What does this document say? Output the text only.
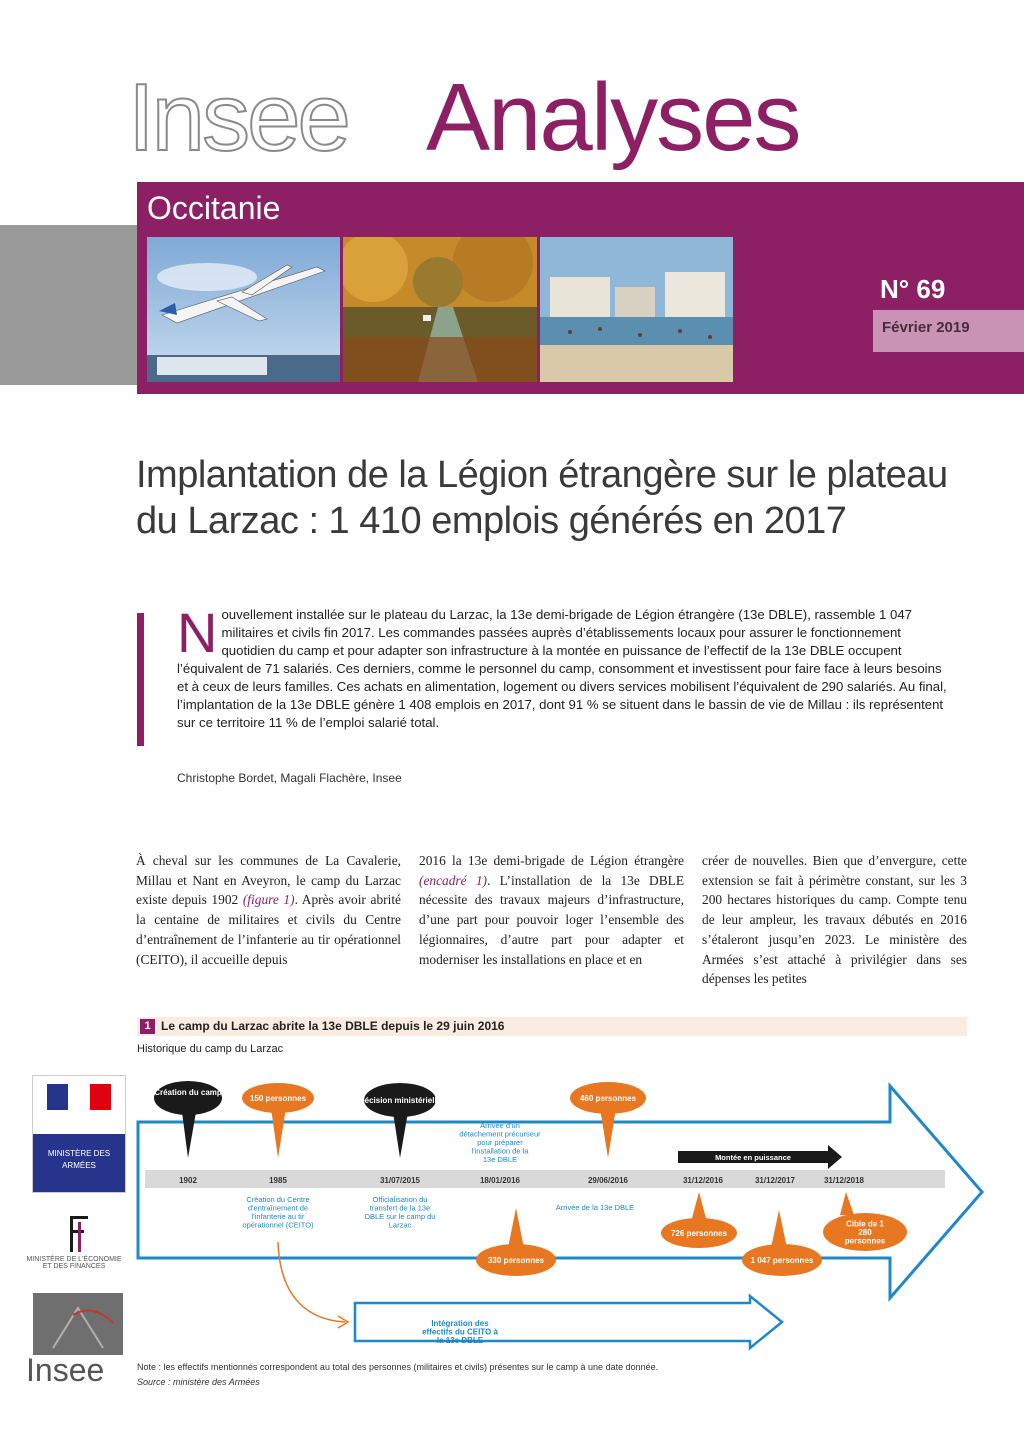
Insee Analyses
Occitanie
N° 69
Février 2019
Implantation de la Légion étrangère sur le plateau du Larzac : 1 410 emplois générés en 2017
Nouvellement installée sur le plateau du Larzac, la 13e demi-brigade de Légion étrangère (13e DBLE), rassemble 1 047 militaires et civils fin 2017. Les commandes passées auprès d’établissements locaux pour assurer le fonctionnement quotidien du camp et pour adapter son infrastructure à la montée en puissance de l’effectif de la 13e DBLE occupent l’équivalent de 71 salariés. Ces derniers, comme le personnel du camp, consomment et investissent pour faire face à leurs besoins et à ceux de leurs familles. Ces achats en alimentation, logement ou divers services mobilisent l’équivalent de 290 salariés. Au final, l’implantation de la 13e DBLE génère 1 408 emplois en 2017, dont 91 % se situent dans le bassin de vie de Millau : ils représentent sur ce territoire 11 % de l’emploi salarié total.
Christophe Bordet, Magali Flachère, Insee
À cheval sur les communes de La Cavalerie, Millau et Nant en Aveyron, le camp du Larzac existe depuis 1902 (figure 1). Après avoir abrité la centaine de militaires et civils du Centre d’entraînement de l’infanterie au tir opérationnel (CEITO), il accueille depuis
2016 la 13e demi-brigade de Légion étrangère (encadré 1). L’installation de la 13e DBLE nécessite des travaux majeurs d’infrastructure, d’une part pour pouvoir loger l’ensemble des légionnaires, d’autre part pour adapter et moderniser les installations en place et en
créer de nouvelles. Bien que d’envergure, cette extension se fait à périmètre constant, sur les 3 200 hectares historiques du camp. Compte tenu de leur ampleur, les travaux débutés en 2016 s’étaleront jusqu’en 2023. Le ministère des Armées s’est attaché à privilégier dans ses dépenses les petites
1 Le camp du Larzac abrite la 13e DBLE depuis le 29 juin 2016
Historique du camp du Larzac
1902	1985	31/07/2015	18/01/2016	29/06/2016	31/12/2016	31/12/2017	31/12/2018
Création du camp
150 personnes	Décision ministérielle	460 personnes
Arrivée d'un détachement précurseur pour préparer l'installation de la 13e DBLE	Montée en puissance
Création du Centre d'entraînement de l'infanterie au tir opérationnel (CEITO)
Officialisation du transfert de la 13e DBLE sur le camp du Larzac
Arrivée de la 13e DBLE
330 personnes
726 personnes
1 047 personnes
Cible de 1 280 personnes
Intégration des effectifs du CEITO à la 13e DBLE
Note : les effectifs mentionnés correspondent au total des personnes (militaires et civils) présentes sur le camp à une date donnée.
Source : ministère des Armées
MINISTÈRE DES ARMÉES
MINISTÈRE DE L'ÉCONOMIE ET DES FINANCES
Insee
